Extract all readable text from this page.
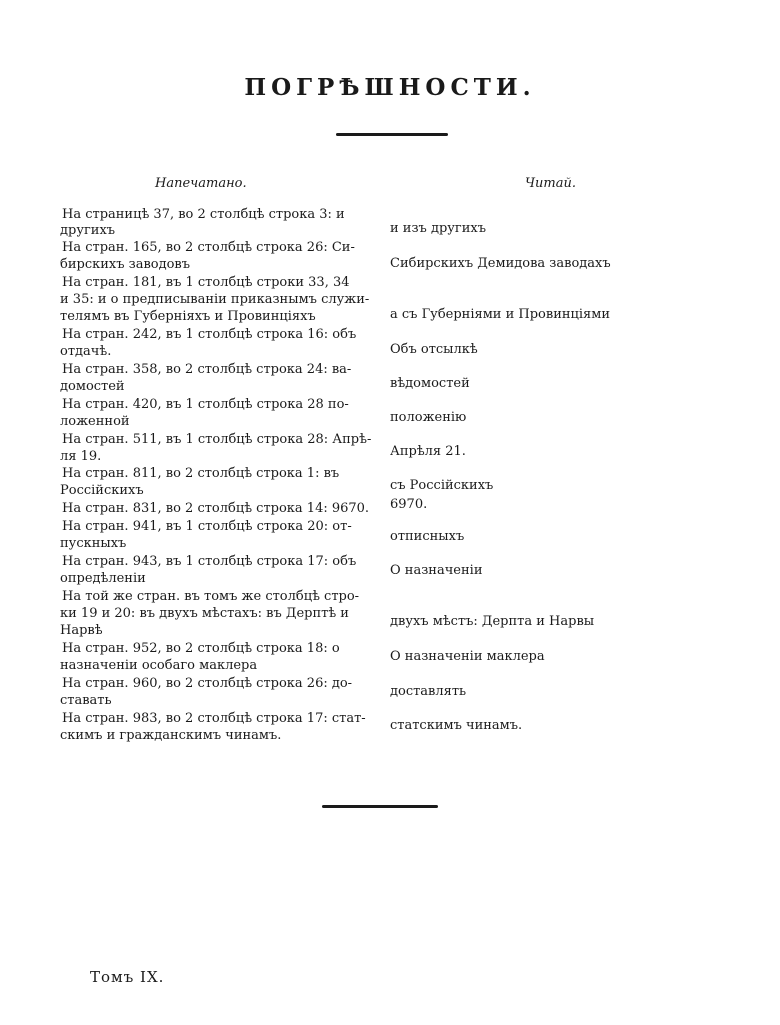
ПОГРѢШНОСТИ.
Напечатано.	Читай.
На страницѣ 37, во 2 столбцѣ строка 3: и
другихъ
На стран. 165, во 2 столбцѣ строка 26: Си-
бирскихъ заводовъ
На стран. 181, въ 1 столбцѣ строки 33, 34
и 35: и о предписываніи приказнымъ служи-
телямъ въ Губерніяхъ и Провинціяхъ
На стран. 242, въ 1 столбцѣ строка 16: объ
отдачѣ.
На стран. 358, во 2 столбцѣ строка 24: ва-
домостей
На стран. 420, въ 1 столбцѣ строка 28 по-
ложенной
На стран. 511, въ 1 столбцѣ строка 28: Апрѣ-
ля 19.
На стран. 811, во 2 столбцѣ строка 1: въ
Россійскихъ
На стран. 831, во 2 столбцѣ строка 14: 9670.
На стран. 941, въ 1 столбцѣ строка 20: от-
пускныхъ
На стран. 943, въ 1 столбцѣ строка 17: объ
опредѣленіи
На той же стран. въ томъ же столбцѣ стро-
ки 19 и 20: въ двухъ мѣстахъ: въ Дерптѣ и
Нарвѣ
На стран. 952, во 2 столбцѣ строка 18: о
назначеніи особаго маклера
На стран. 960, во 2 столбцѣ строка 26: до-
ставать
На стран. 983, во 2 столбцѣ строка 17: стат-
скимъ и гражданскимъ чинамъ.
и изъ другихъ
Сибирскихъ Демидова заводахъ
а съ Губерніями и Провинціями
Объ отсылкѣ
вѣдомостей
положенію
Апрѣля 21.
съ Россійскихъ
6970.
отписныхъ
О назначеніи
двухъ мѣстъ: Дерпта и Нарвы
О назначеніи маклера
доставлять
статскимъ чинамъ.
Томъ IX.
